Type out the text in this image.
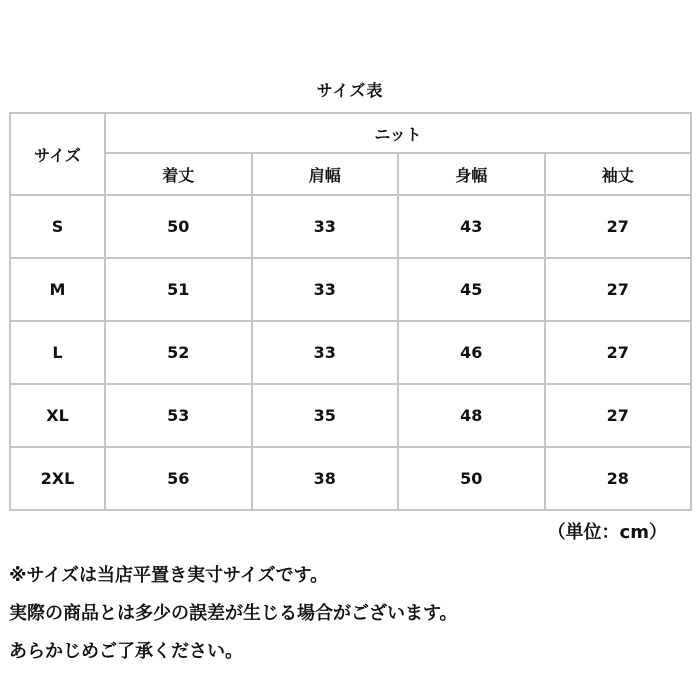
サイズ表
サイズ	ニット			
	着丈	肩幅	身幅	袖丈
S	50	33	43	27
M	51	33	45	27
L	52	33	46	27
XL	53	35	48	27
2XL	56	38	50	28
（単位：cm）
※サイズは当店平置き実寸サイズです。
実際の商品とは多少の誤差が生じる場合がございます。
あらかじめご了承ください。
